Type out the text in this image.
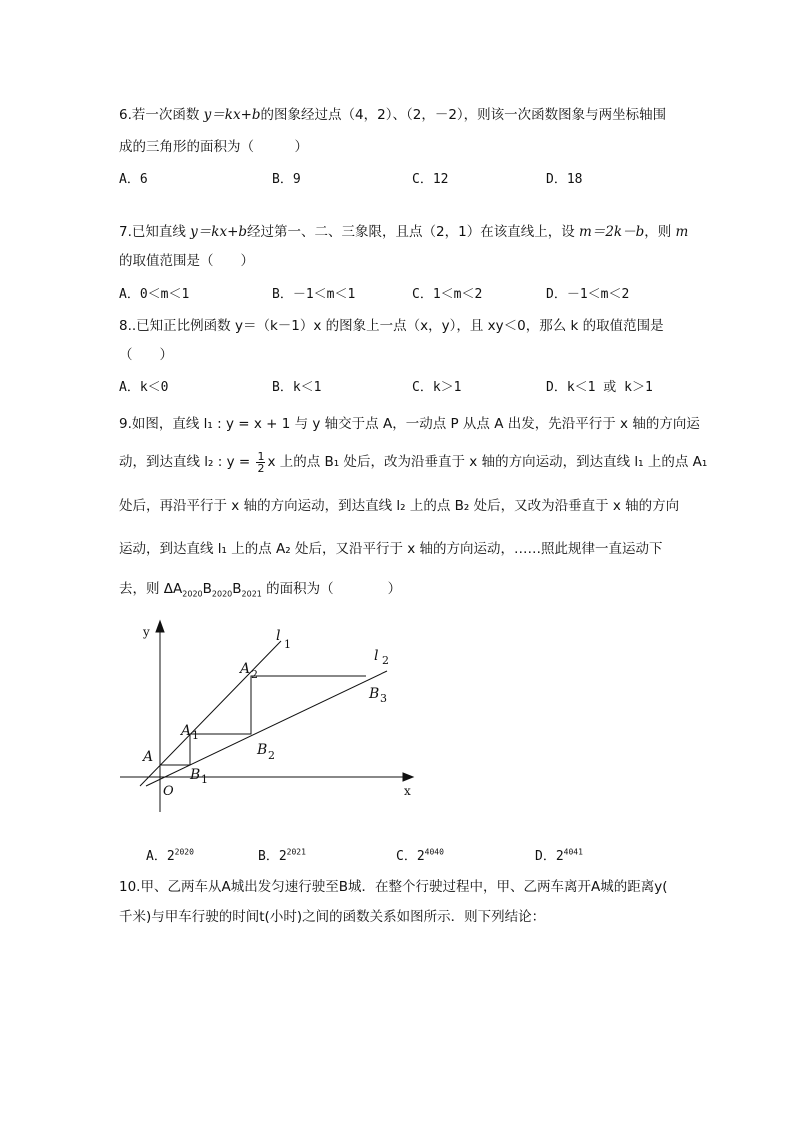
6.若一次函数 y＝kx+b的图象经过点（4，2）、（2，－2），则该一次函数图象与两坐标轴围
成的三角形的面积为（　　　）
A．6	B．9	C．12	D．18
7.已知直线 y＝kx+b经过第一、二、三象限，且点（2，1）在该直线上，设 m＝2k－b，则 m
的取值范围是（　　）
A．0＜m＜1	B．－1＜m＜1	C．1＜m＜2	D．－1＜m＜2
8..已知正比例函数 y＝（k－1）x 的图象上一点（x，y），且 xy＜0，那么 k 的取值范围是
（　　）
A．k＜0	B．k＜1	C．k＞1	D．k＜1 或 k＞1
9.如图，直线 l₁ : y = x + 1 与 y 轴交于点 A，一动点 P 从点 A 出发，先沿平行于 x 轴的方向运
动，到达直线 l₂ : $y = \frac{1}{2}$ x 上的点 B₁ 处后，改为沿垂直于 x 轴的方向运动，到达直线 l₁ 上的点 A₁
处后，再沿平行于 x 轴的方向运动，到达直线 l₂ 上的点 B₂ 处后，又改为沿垂直于 x 轴的方向
运动，到达直线 l₁ 上的点 A₂ 处后，又沿平行于 x 轴的方向运动，……照此规律一直运动下
去，则 $\Delta A_{2020}B_{2020}B_{2021}$ 的面积为（　　　　）
y
x
O
l
1
l 2
A
A 1
A 2
B 1
B 2
B 3
A．$2^{2020}$	B．$2^{2021}$	C．$2^{4040}$	D．$2^{4041}$
10.甲、乙两车从A城出发匀速行驶至B城．在整个行驶过程中，甲、乙两车离开A城的距离y(
千米)与甲车行驶的时间t(小时)之间的函数关系如图所示．则下列结论：
